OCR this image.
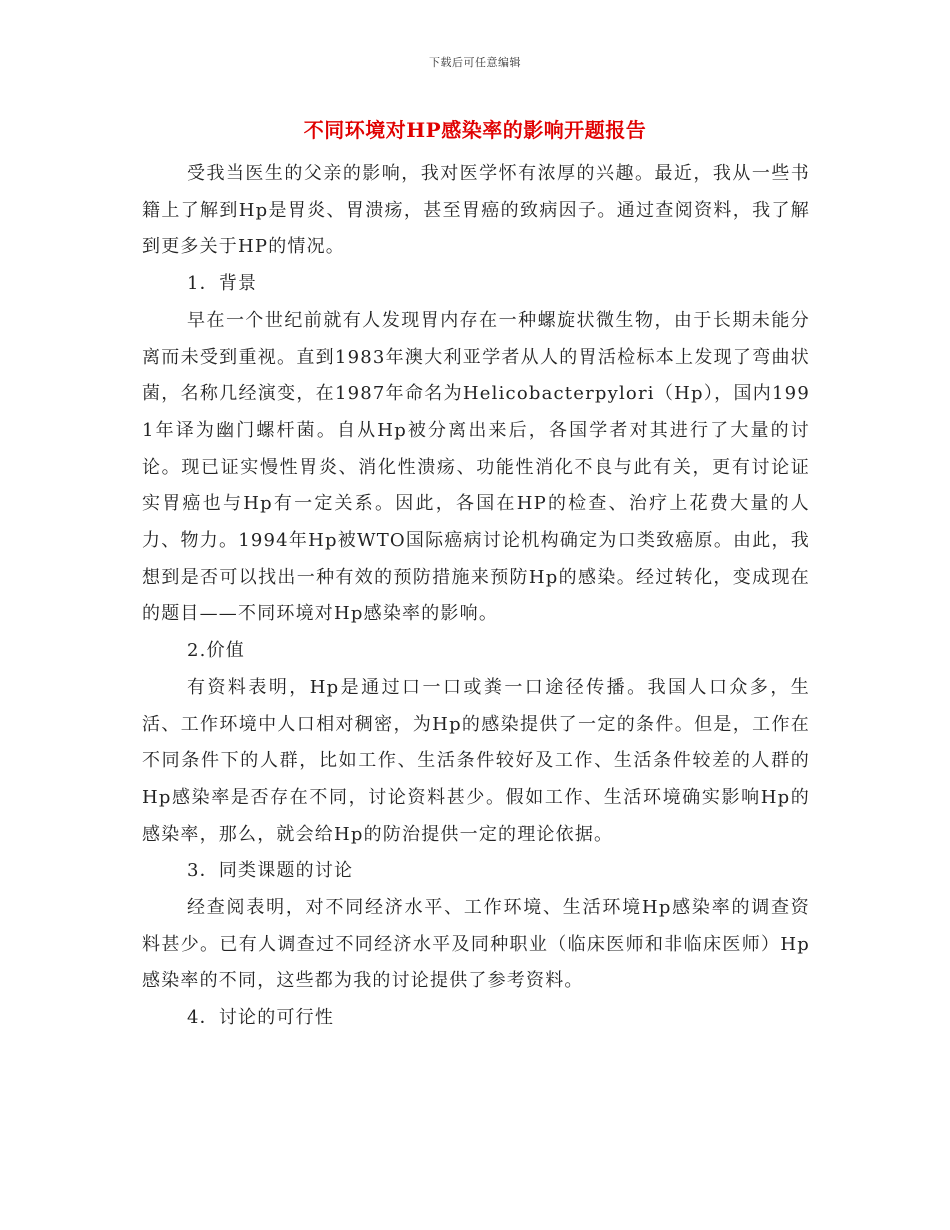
下载后可任意编辑
不同环境对HP感染率的影响开题报告

受我当医生的父亲的影响，我对医学怀有浓厚的兴趣。最近，我从一些书籍上了解到Hp是胃炎、胃溃疡，甚至胃癌的致病因子。通过查阅资料，我了解到更多关于HP的情况。

1．背景

早在一个世纪前就有人发现胃内存在一种螺旋状微生物，由于长期未能分离而未受到重视。直到1983年澳大利亚学者从人的胃活检标本上发现了弯曲状菌，名称几经演变，在1987年命名为Helicobacterpylori（Hp），国内1991年译为幽门螺杆菌。自从Hp被分离出来后，各国学者对其进行了大量的讨论。现已证实慢性胃炎、消化性溃疡、功能性消化不良与此有关，更有讨论证实胃癌也与Hp有一定关系。因此，各国在HP的检查、治疗上花费大量的人力、物力。1994年Hp被WTO国际癌病讨论机构确定为口类致癌原。由此，我想到是否可以找出一种有效的预防措施来预防Hp的感染。经过转化，变成现在的题目——不同环境对Hp感染率的影响。

2.价值

有资料表明，Hp是通过口一口或粪一口途径传播。我国人口众多，生活、工作环境中人口相对稠密，为Hp的感染提供了一定的条件。但是，工作在不同条件下的人群，比如工作、生活条件较好及工作、生活条件较差的人群的Hp感染率是否存在不同，讨论资料甚少。假如工作、生活环境确实影响Hp的感染率，那么，就会给Hp的防治提供一定的理论依据。

3．同类课题的讨论

经查阅表明，对不同经济水平、工作环境、生活环境Hp感染率的调查资料甚少。已有人调查过不同经济水平及同种职业（临床医师和非临床医师）Hp感染率的不同，这些都为我的讨论提供了参考资料。

4．讨论的可行性
